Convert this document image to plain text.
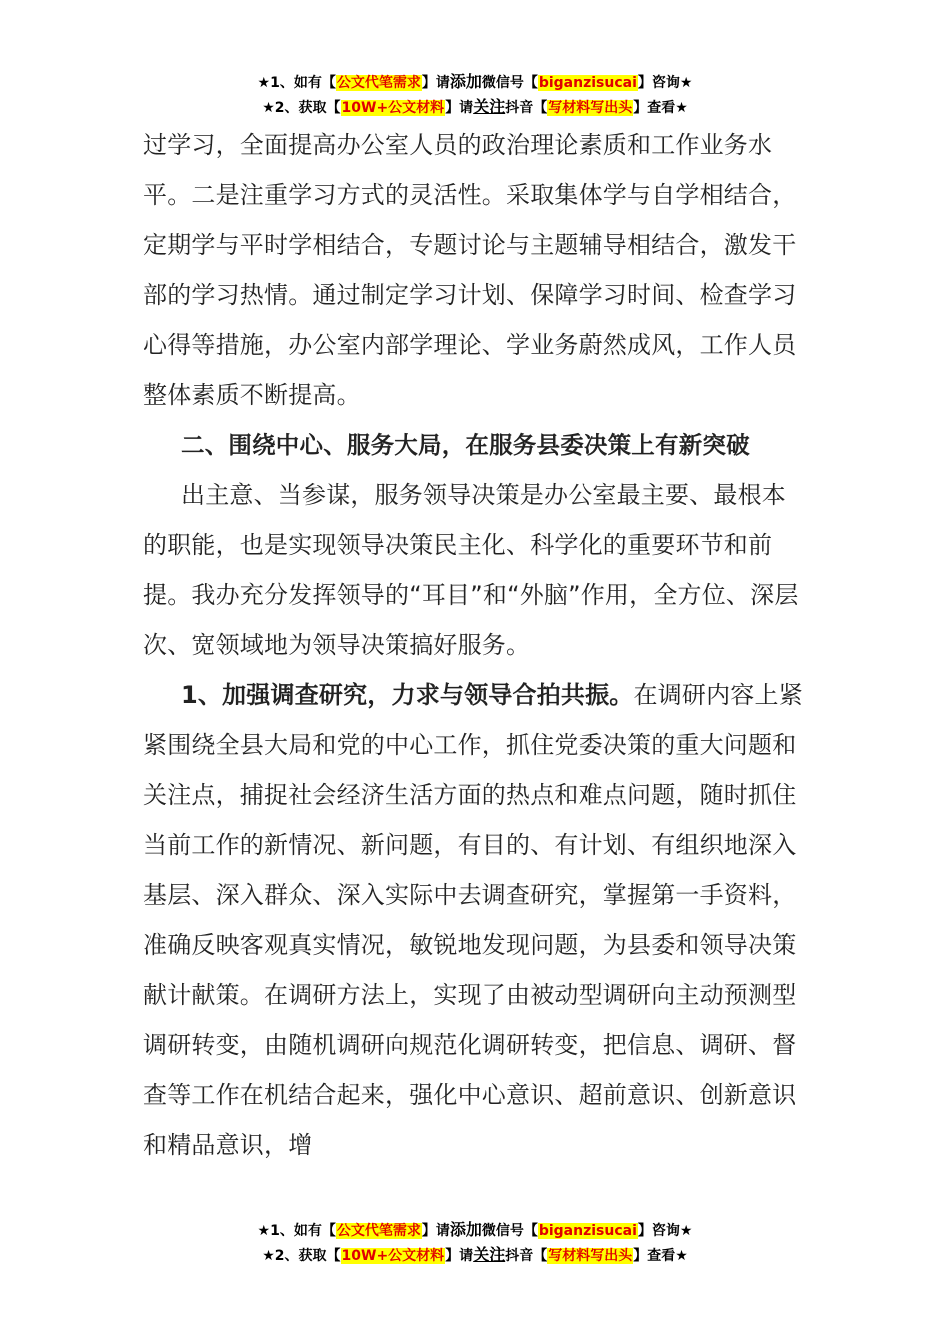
★1、如有【公文代笔需求】请添加微信号【biganzisucai】咨询★
★2、获取【10W+公文材料】请关注抖音【写材料写出头】查看★

过学习，全面提高办公室人员的政治理论素质和工作业务水平。二是注重学习方式的灵活性。采取集体学与自学相结合，定期学与平时学相结合，专题讨论与主题辅导相结合，激发干部的学习热情。通过制定学习计划、保障学习时间、检查学习心得等措施，办公室内部学理论、学业务蔚然成风，工作人员整体素质不断提高。

二、围绕中心、服务大局，在服务县委决策上有新突破

出主意、当参谋，服务领导决策是办公室最主要、最根本的职能，也是实现领导决策民主化、科学化的重要环节和前提。我办充分发挥领导的“耳目”和“外脑”作用，全方位、深层次、宽领域地为领导决策搞好服务。

1、加强调查研究，力求与领导合拍共振。在调研内容上紧紧围绕全县大局和党的中心工作，抓住党委决策的重大问题和关注点，捕捉社会经济生活方面的热点和难点问题，随时抓住当前工作的新情况、新问题，有目的、有计划、有组织地深入基层、深入群众、深入实际中去调查研究，掌握第一手资料，准确反映客观真实情况，敏锐地发现问题，为县委和领导决策献计献策。在调研方法上，实现了由被动型调研向主动预测型调研转变，由随机调研向规范化调研转变，把信息、调研、督查等工作在机结合起来，强化中心意识、超前意识、创新意识和精品意识，增

★1、如有【公文代笔需求】请添加微信号【biganzisucai】咨询★
★2、获取【10W+公文材料】请关注抖音【写材料写出头】查看★
